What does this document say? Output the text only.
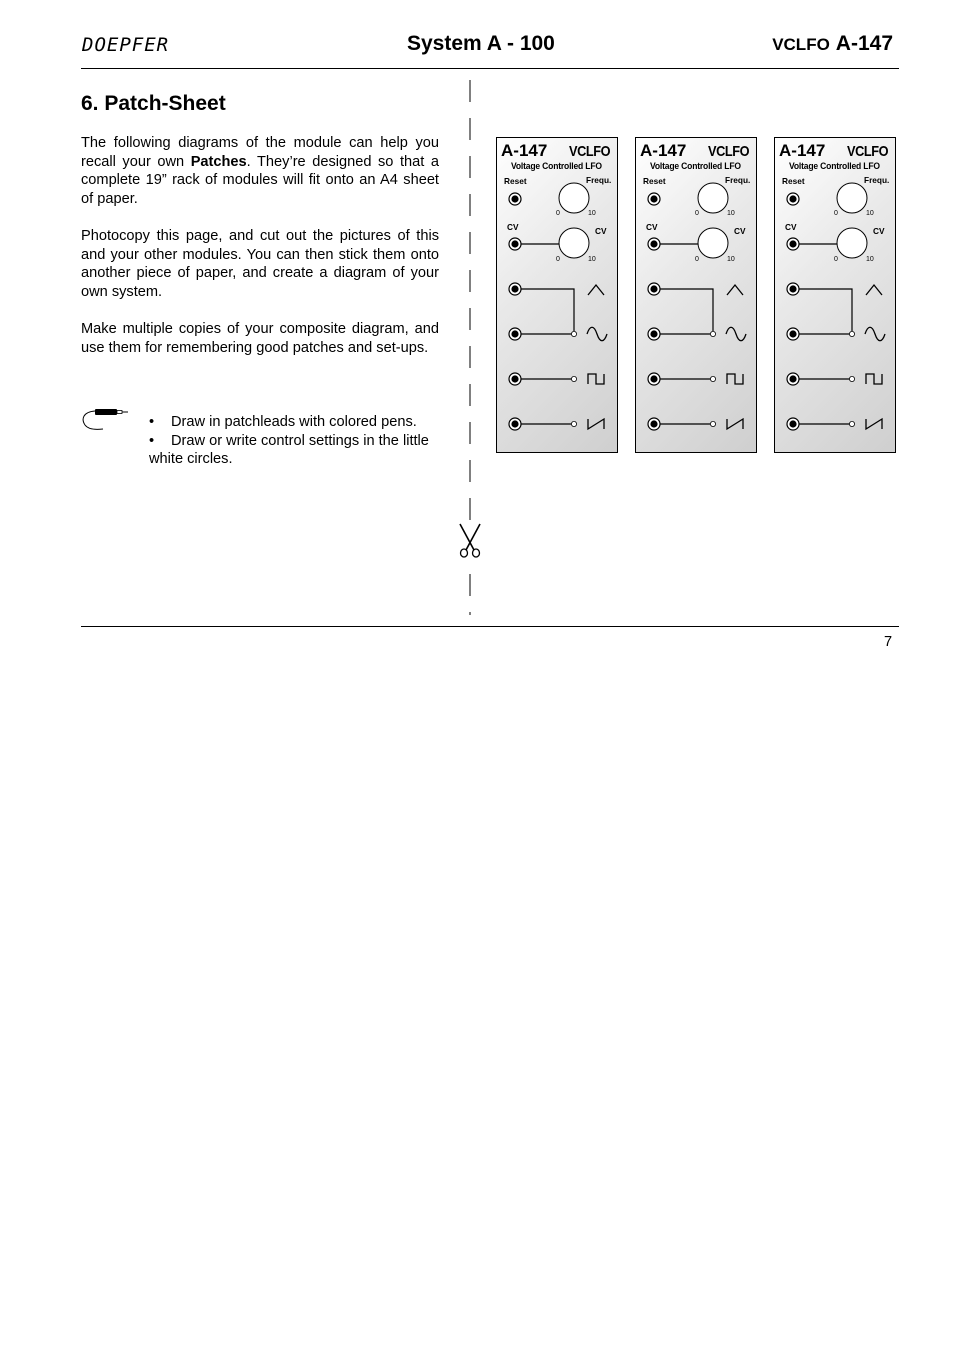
DOEPFER	System A - 100	VCLFO A-147
6. Patch-Sheet

The following diagrams of the module can help you recall your own Patches. They’re designed so that a complete 19” rack of modules will fit onto an A4 sheet of paper.

Photocopy this page, and cut out the pictures of this and your other modules. You can then stick them onto another piece of paper, and create a diagram of your own system.

Make multiple copies of your composite diagram, and use them for remembering good patches and set-ups.

• Draw in patchleads with colored pens.
• Draw or write control settings in the little white circles.
A-147 VCLFO
Voltage Controlled LFO
Reset	Frequ.
CV	CV
0	10
0	10
A-147 VCLFO
Voltage Controlled LFO
Reset	Frequ.
CV	CV
0	10
0	10
A-147 VCLFO
Voltage Controlled LFO
Reset	Frequ.
CV	CV
0	10
0	10
7
